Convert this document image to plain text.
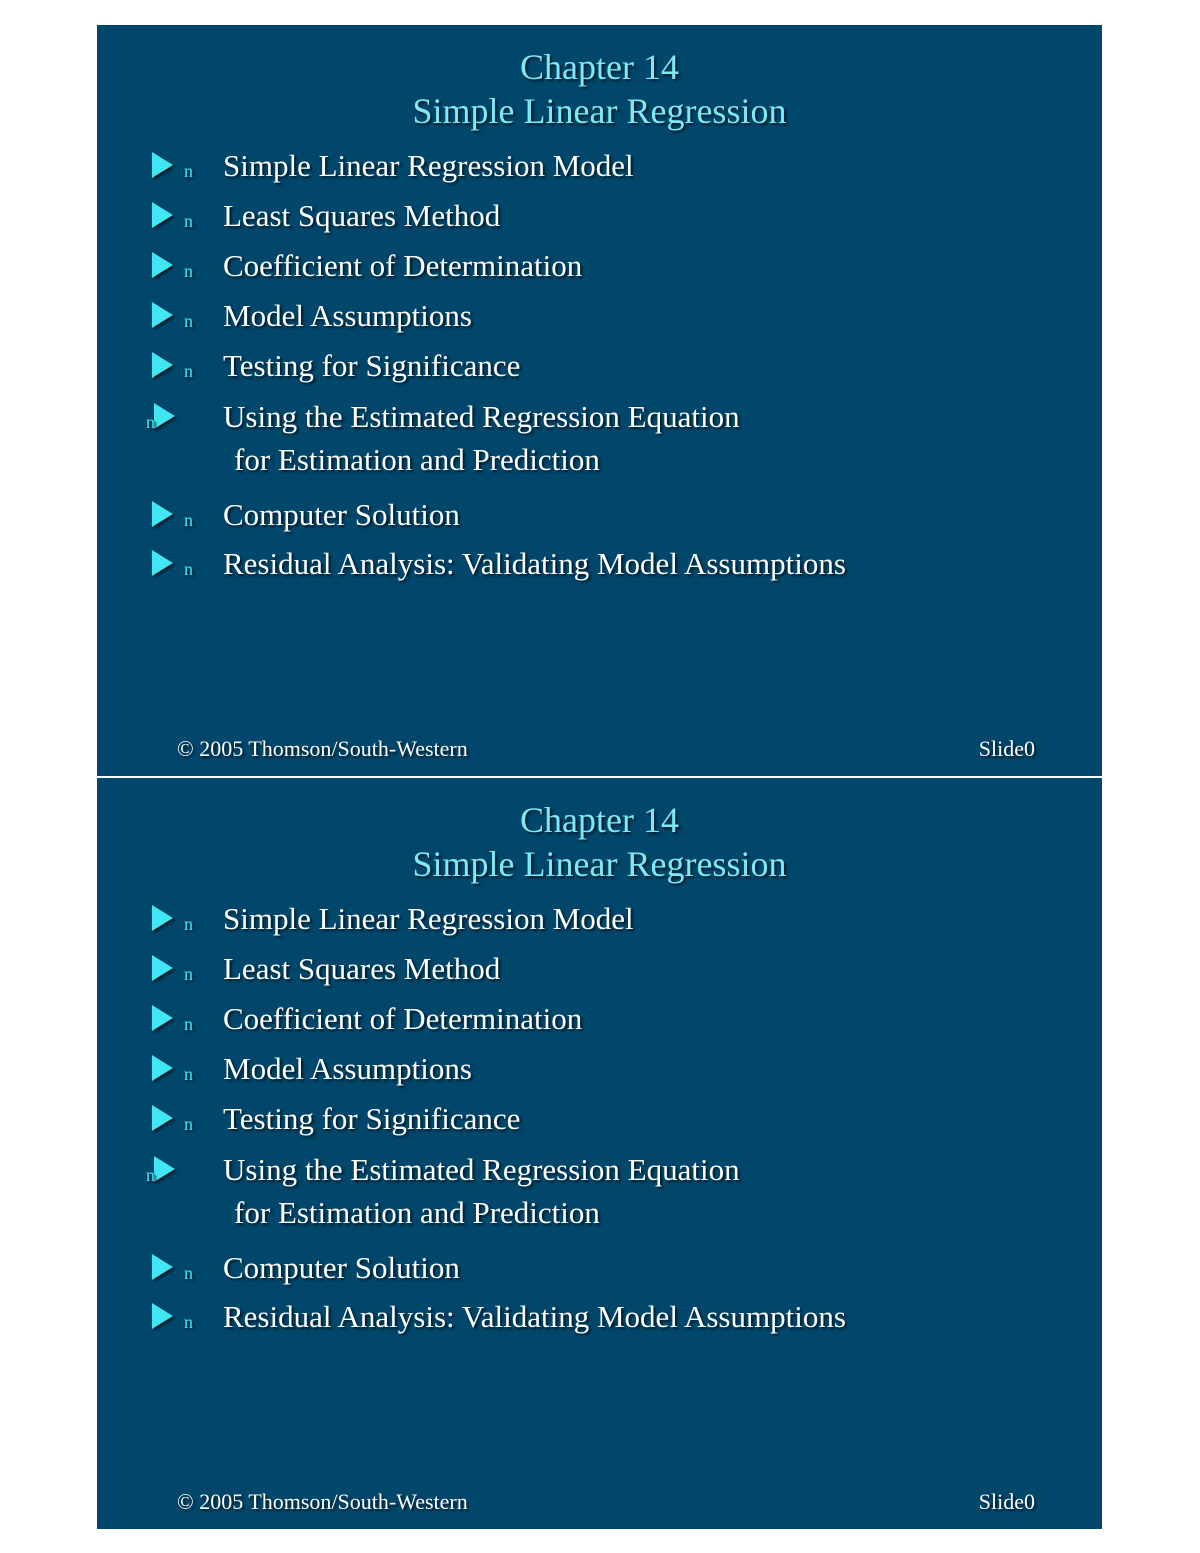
Chapter 14
Simple Linear Regression
n Simple Linear Regression Model
n Least Squares Method
n Coefficient of Determination
n Model Assumptions
n Testing for Significance
n Using the Estimated Regression Equation
for Estimation and Prediction
n Computer Solution
n Residual Analysis: Validating Model Assumptions
© 2005 Thomson/South-Western	Slide0
Chapter 14
Simple Linear Regression
n Simple Linear Regression Model
n Least Squares Method
n Coefficient of Determination
n Model Assumptions
n Testing for Significance
n Using the Estimated Regression Equation
for Estimation and Prediction
n Computer Solution
n Residual Analysis: Validating Model Assumptions
© 2005 Thomson/South-Western	Slide0
